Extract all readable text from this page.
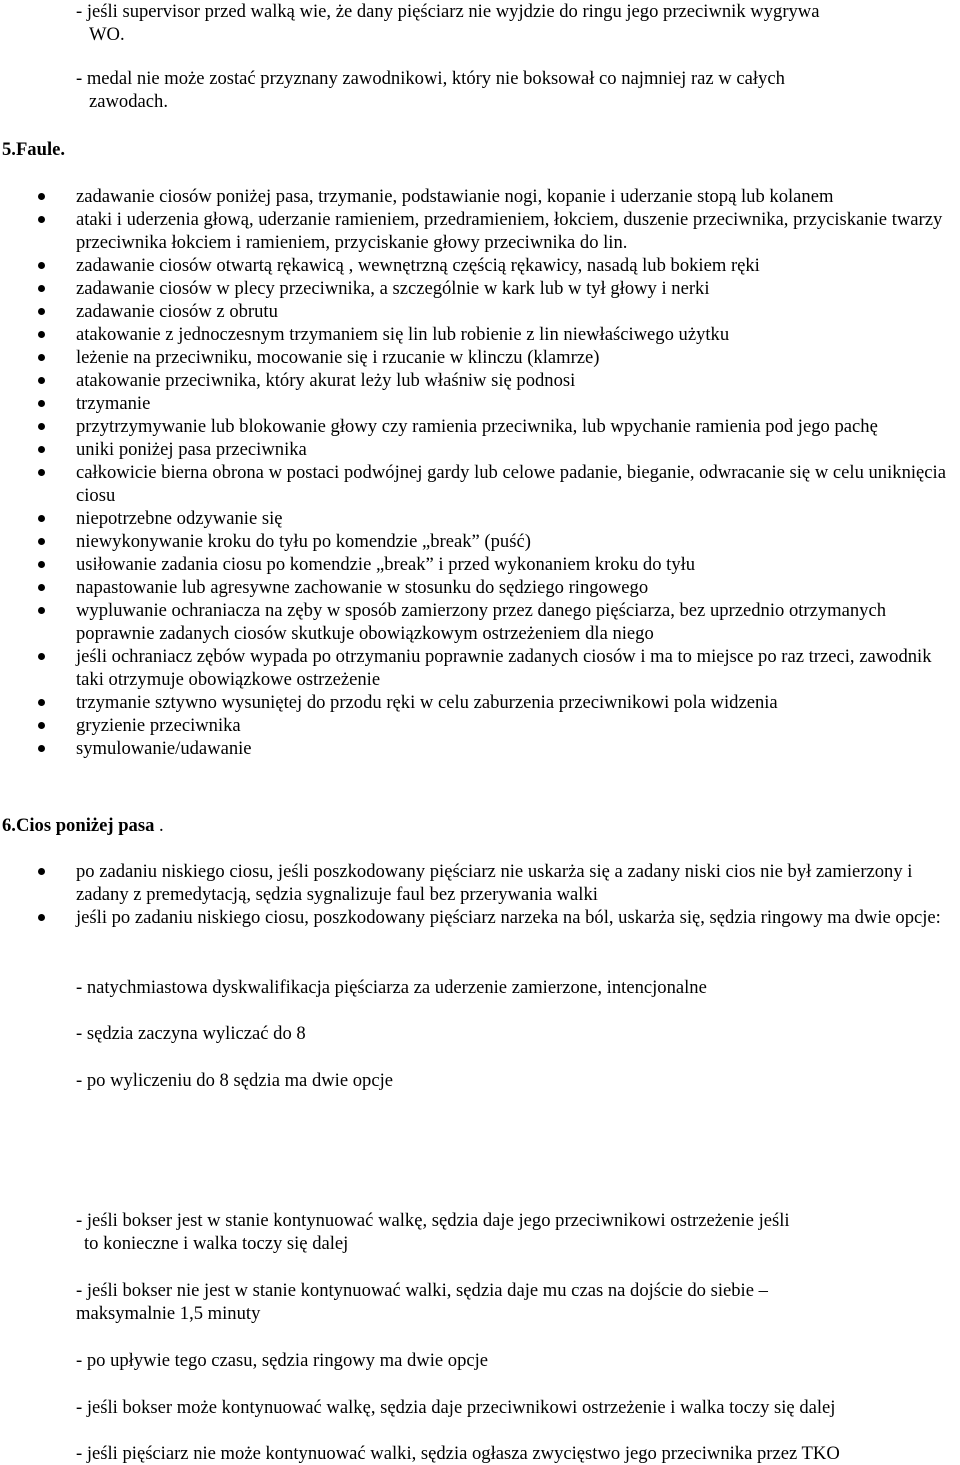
- jeśli supervisor przed walką wie, że dany pięściarz nie wyjdzie do ringu jego przeciwnik wygrywa
WO.
- medal nie może zostać przyznany zawodnikowi, który nie boksował co najmniej raz w całych
zawodach.
5.Faule.
zadawanie ciosów poniżej pasa, trzymanie, podstawianie nogi, kopanie i uderzanie stopą lub kolanem
ataki i uderzenia głową, uderzanie ramieniem, przedramieniem, łokciem, duszenie przeciwnika, przyciskanie twarzy przeciwnika łokciem i ramieniem, przyciskanie głowy przeciwnika do lin.
zadawanie ciosów otwartą rękawicą , wewnętrzną częścią rękawicy, nasadą lub bokiem ręki
zadawanie ciosów w plecy przeciwnika, a szczególnie w kark lub w tył głowy i nerki
zadawanie ciosów z obrutu
atakowanie z jednoczesnym trzymaniem się lin lub robienie z lin niewłaściwego użytku
leżenie na przeciwniku, mocowanie się i rzucanie w klinczu (klamrze)
atakowanie przeciwnika, który akurat leży lub właśniw się podnosi
trzymanie
przytrzymywanie lub blokowanie głowy czy ramienia przeciwnika, lub wpychanie ramienia pod jego pachę
uniki poniżej pasa przeciwnika
całkowicie bierna obrona w postaci podwójnej gardy lub celowe padanie, bieganie, odwracanie się w celu uniknięcia ciosu
niepotrzebne odzywanie się
niewykonywanie kroku do tyłu po komendzie „break” (puść)
usiłowanie zadania ciosu po komendzie „break” i przed wykonaniem kroku do tyłu
napastowanie lub agresywne zachowanie w stosunku do sędziego ringowego
wypluwanie ochraniacza na zęby w sposób zamierzony przez danego pięściarza, bez uprzednio otrzymanych poprawnie zadanych ciosów skutkuje obowiązkowym ostrzeżeniem dla niego
jeśli ochraniacz zębów wypada po otrzymaniu poprawnie zadanych ciosów i ma to miejsce po raz trzeci, zawodnik taki otrzymuje obowiązkowe ostrzeżenie
trzymanie sztywno wysuniętej do przodu ręki w celu zaburzenia przeciwnikowi pola widzenia
gryzienie przeciwnika
symulowanie/udawanie
6.Cios poniżej pasa .
po zadaniu niskiego ciosu, jeśli poszkodowany pięściarz nie uskarża się a zadany niski cios nie był zamierzony i zadany z premedytacją, sędzia sygnalizuje faul bez przerywania walki
jeśli po zadaniu niskiego ciosu, poszkodowany pięściarz narzeka na ból, uskarża się, sędzia ringowy ma dwie opcje:
- natychmiastowa dyskwalifikacja pięściarza za uderzenie zamierzone, intencjonalne
- sędzia zaczyna wyliczać do 8
- po wyliczeniu do 8 sędzia ma dwie opcje
- jeśli bokser jest w stanie kontynuować walkę, sędzia daje jego przeciwnikowi ostrzeżenie jeśli
to konieczne i walka toczy się dalej
- jeśli bokser nie jest w stanie kontynuować walki, sędzia daje mu czas na dojście do siebie –
maksymalnie 1,5 minuty
- po upływie tego czasu, sędzia ringowy ma dwie opcje
- jeśli bokser może kontynuować walkę, sędzia daje przeciwnikowi ostrzeżenie i walka toczy się dalej
- jeśli pięściarz nie może kontynuować walki, sędzia ogłasza zwycięstwo jego przeciwnika przez TKO
